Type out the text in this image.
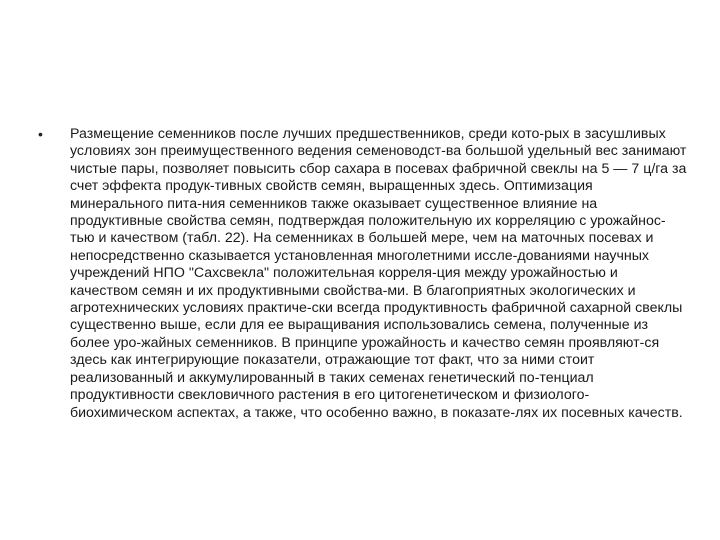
• Размещение семенников после лучших предшественников, среди кото-рых в засушливых условиях зон преимущественного ведения семеноводст-ва большой удельный вес занимают чистые пары, позволяет повысить сбор сахара в посевах фабричной свеклы на 5 — 7 ц/га за счет эффекта продук-тивных свойств семян, выращенных здесь. Оптимизация минерального пита-ния семенников также оказывает существенное влияние на продуктивные свойства семян, подтверждая положительную их корреляцию с урожайнос-тью и качеством (табл. 22). На семенниках в большей мере, чем на маточных посевах и непосредственно сказывается установленная многолетними иссле-дованиями научных учреждений НПО "Сахсвекла" положительная корреля-ция между урожайностью и качеством семян и их продуктивными свойства-ми. В благоприятных экологических и агротехнических условиях практиче-ски всегда продуктивность фабричной сахарной свеклы существенно выше, если для ее выращивания использовались семена, полученные из более уро-жайных семенников. В принципе урожайность и качество семян проявляют-ся здесь как интегрирующие показатели, отражающие тот факт, что за ними стоит реализованный и аккумулированный в таких семенах генетический по-тенциал продуктивности свекловичного растения в его цитогенетическом и физиолого-биохимическом аспектах, а также, что особенно важно, в показате-лях их посевных качеств.
